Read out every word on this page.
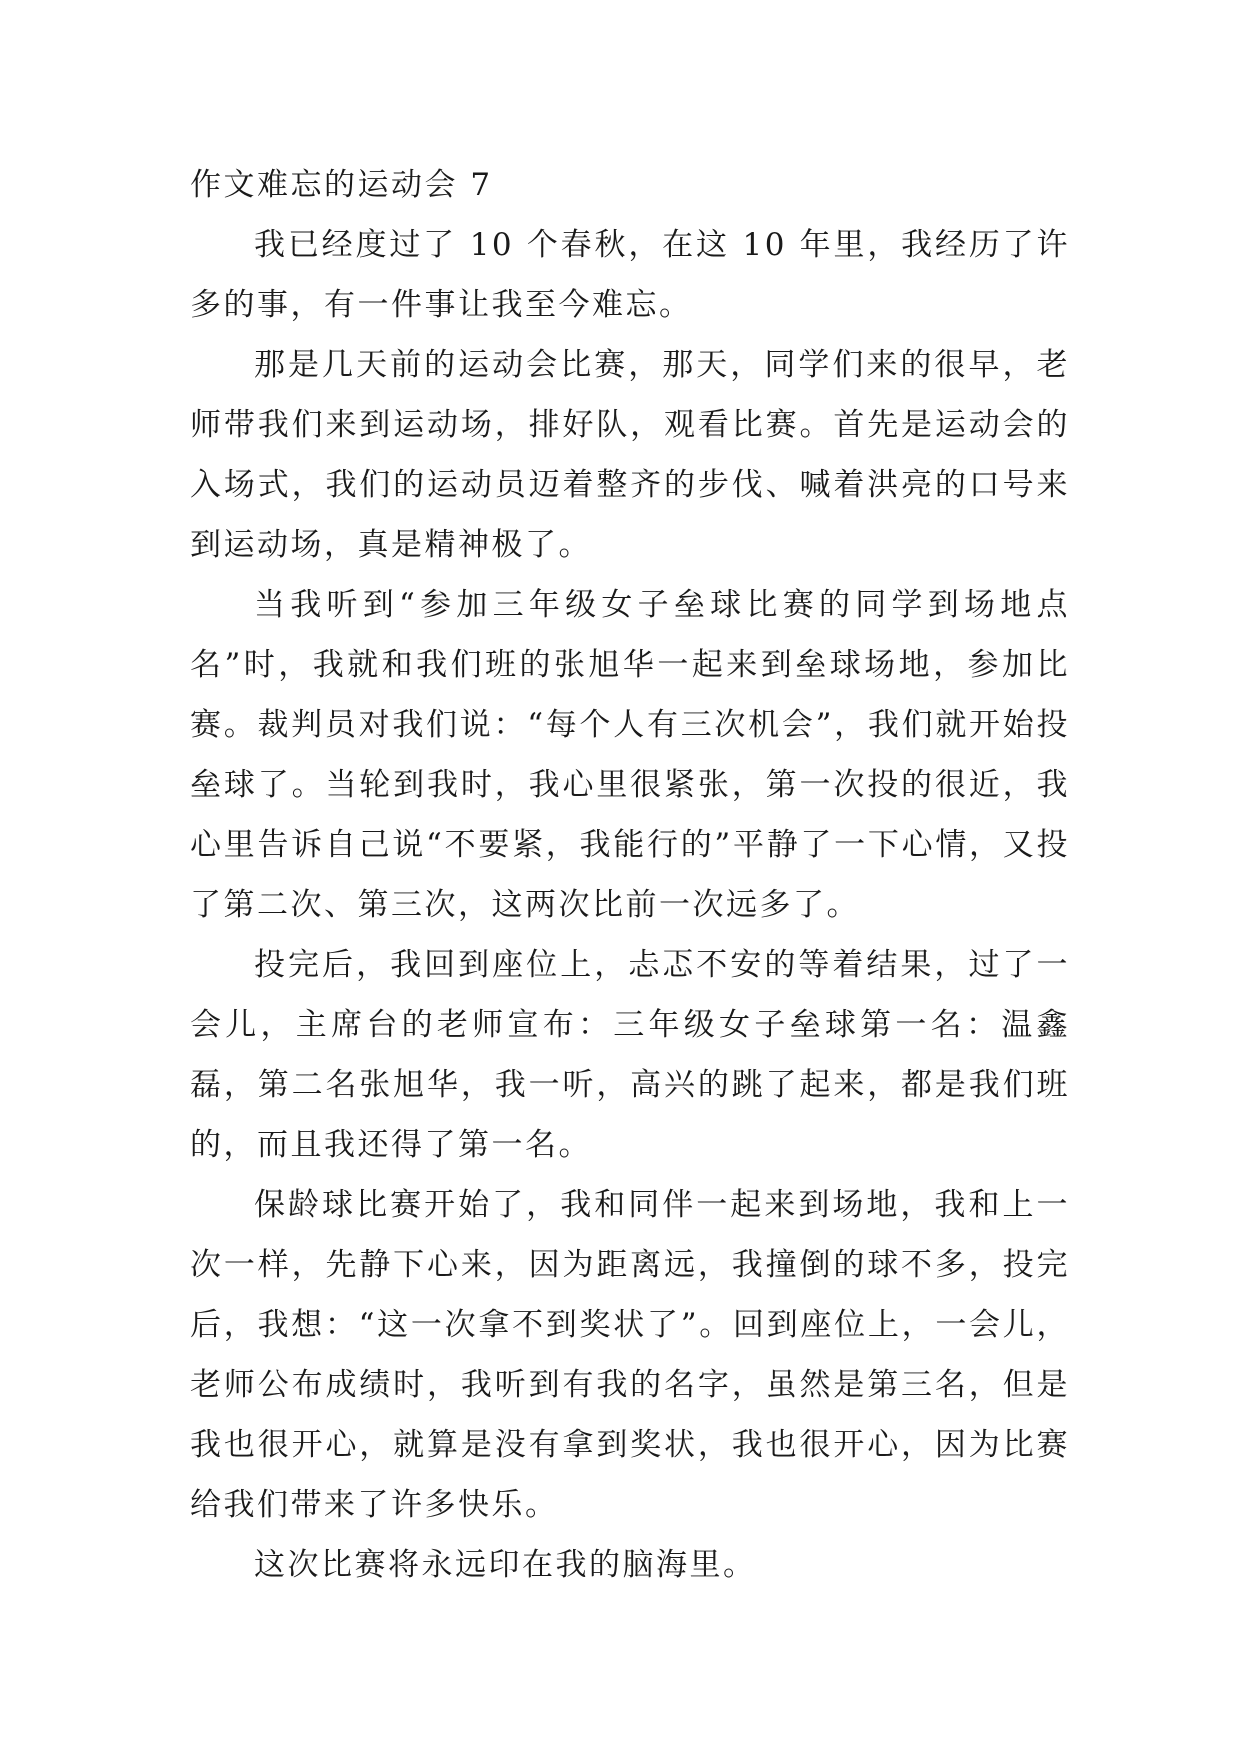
作文难忘的运动会 7

我已经度过了 10 个春秋，在这 10 年里，我经历了许多的事，有一件事让我至今难忘。

那是几天前的运动会比赛，那天，同学们来的很早，老师带我们来到运动场，排好队，观看比赛。首先是运动会的入场式，我们的运动员迈着整齐的步伐、喊着洪亮的口号来到运动场，真是精神极了。

当我听到“参加三年级女子垒球比赛的同学到场地点名”时，我就和我们班的张旭华一起来到垒球场地，参加比赛。裁判员对我们说：“每个人有三次机会”，我们就开始投垒球了。当轮到我时，我心里很紧张，第一次投的很近，我心里告诉自己说“不要紧，我能行的”平静了一下心情，又投了第二次、第三次，这两次比前一次远多了。

投完后，我回到座位上，忐忑不安的等着结果，过了一会儿，主席台的老师宣布：三年级女子垒球第一名：温鑫磊，第二名张旭华，我一听，高兴的跳了起来，都是我们班的，而且我还得了第一名。

保龄球比赛开始了，我和同伴一起来到场地，我和上一次一样，先静下心来，因为距离远，我撞倒的球不多，投完后，我想：“这一次拿不到奖状了”。回到座位上，一会儿，老师公布成绩时，我听到有我的名字，虽然是第三名，但是我也很开心，就算是没有拿到奖状，我也很开心，因为比赛给我们带来了许多快乐。

这次比赛将永远印在我的脑海里。
